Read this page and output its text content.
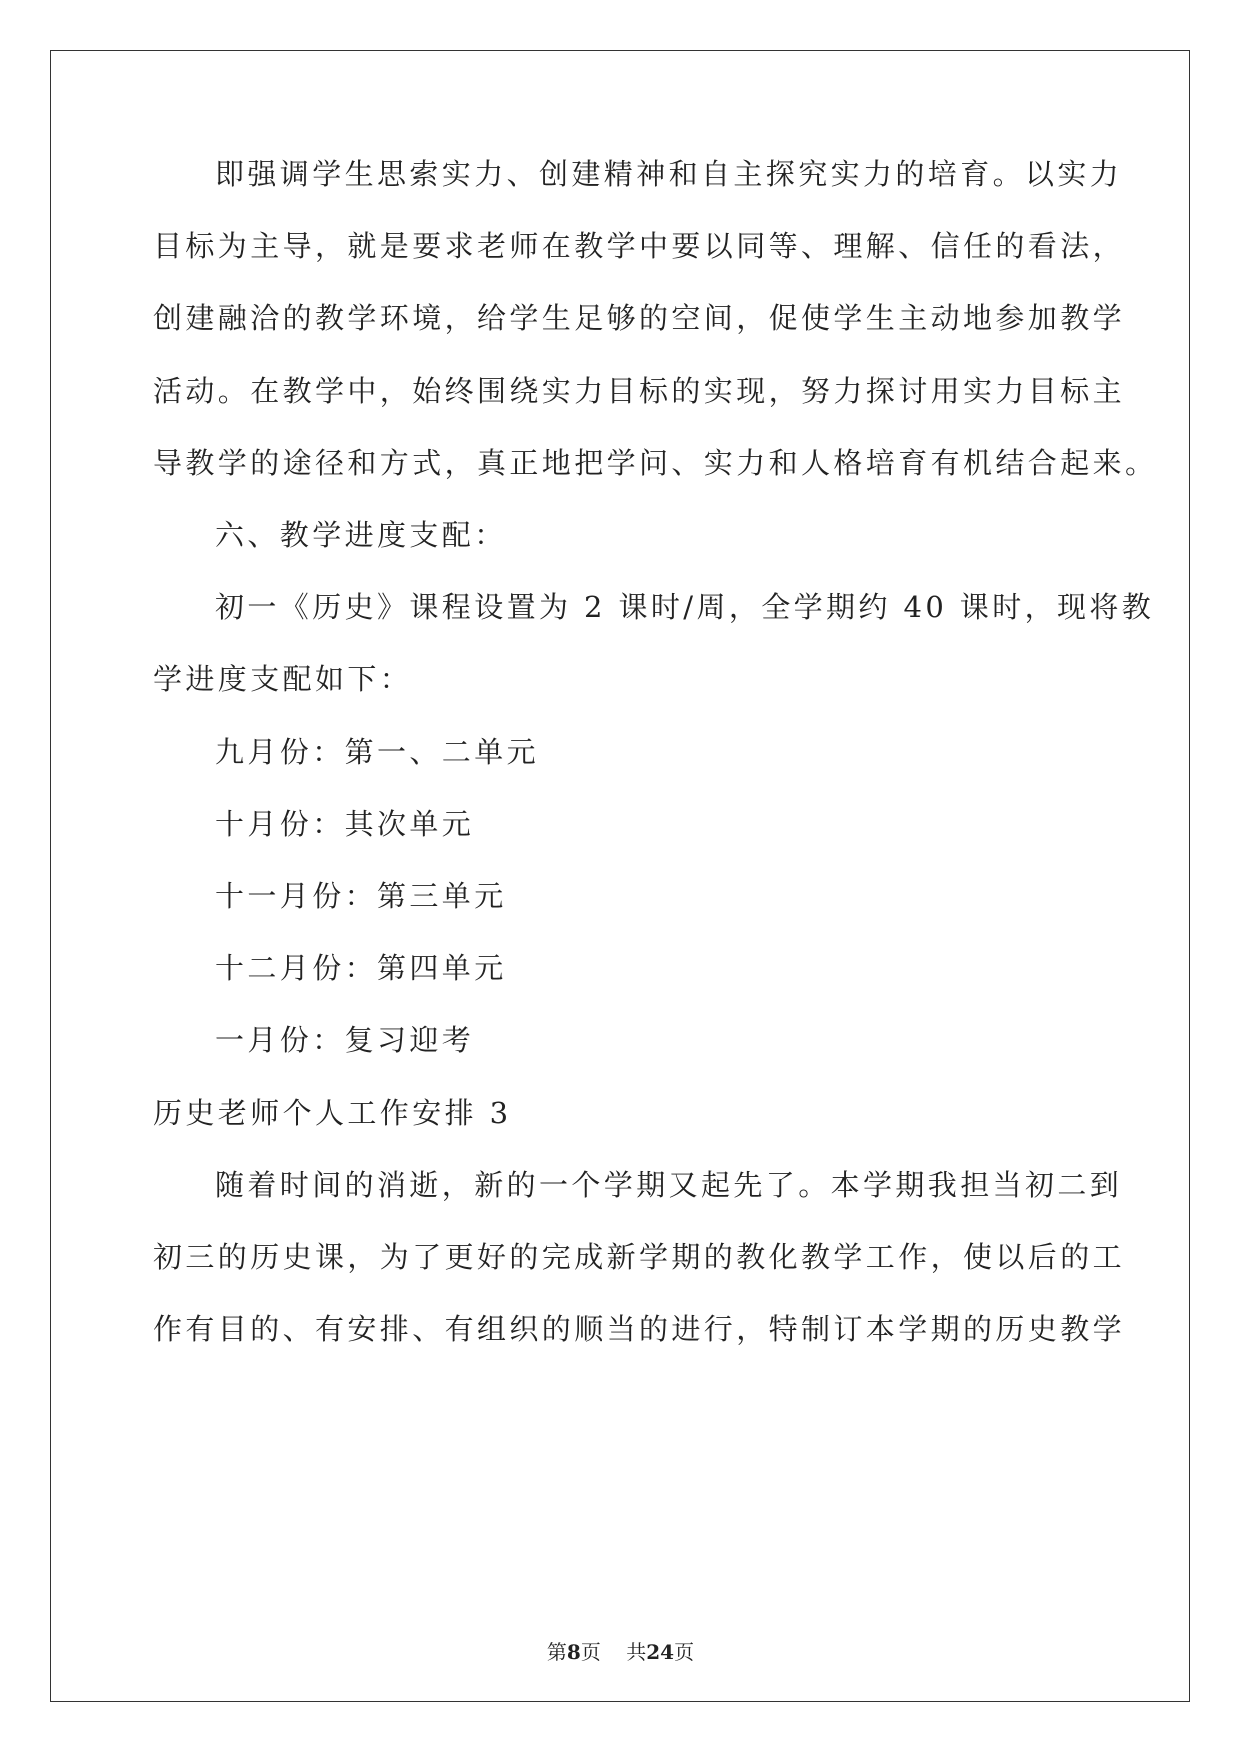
即强调学生思索实力、创建精神和自主探究实力的培育。以实力
目标为主导，就是要求老师在教学中要以同等、理解、信任的看法，
创建融洽的教学环境，给学生足够的空间，促使学生主动地参加教学
活动。在教学中，始终围绕实力目标的实现，努力探讨用实力目标主
导教学的途径和方式，真正地把学问、实力和人格培育有机结合起来。
六、教学进度支配：
初一《历史》课程设置为 2 课时/周，全学期约 40 课时，现将教
学进度支配如下：
九月份：第一、二单元
十月份：其次单元
十一月份：第三单元
十二月份：第四单元
一月份：复习迎考
历史老师个人工作安排 3
随着时间的消逝，新的一个学期又起先了。本学期我担当初二到
初三的历史课，为了更好的完成新学期的教化教学工作，使以后的工
作有目的、有安排、有组织的顺当的进行，特制订本学期的历史教学
第8页 共24页
